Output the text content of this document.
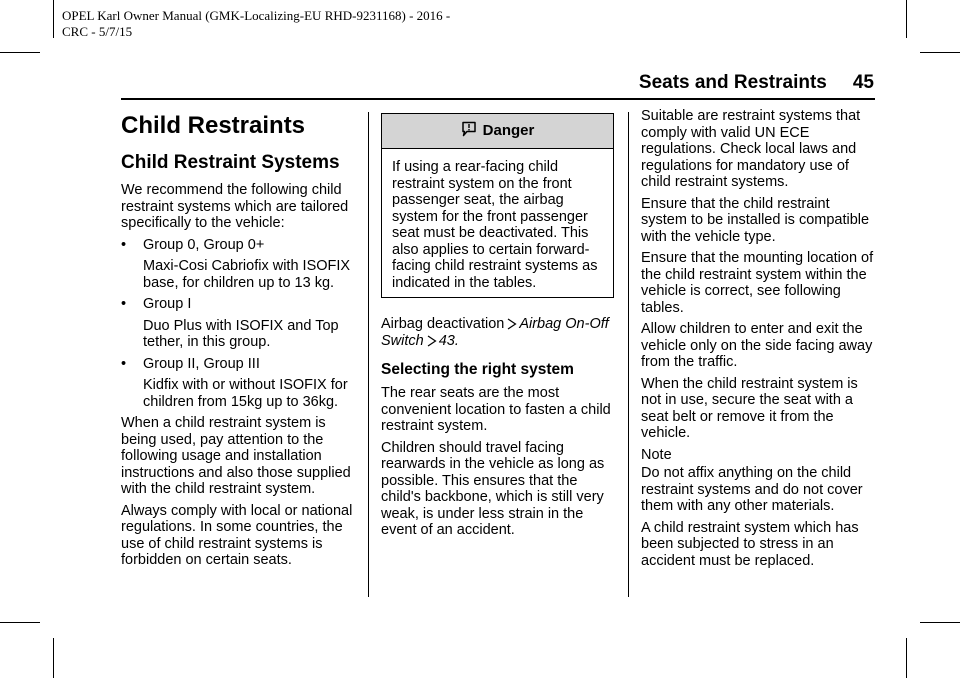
OPEL Karl Owner Manual (GMK-Localizing-EU RHD-9231168) - 2016 -
CRC - 5/7/15
Seats and Restraints 45
Child Restraints
Child Restraint Systems

We recommend the following child restraint systems which are tailored specifically to the vehicle:

• Group 0, Group 0+

Maxi-Cosi Cabriofix with ISOFIX base, for children up to 13 kg.

• Group I

Duo Plus with ISOFIX and Top tether, in this group.

• Group II, Group III

Kidfix with or without ISOFIX for children from 15kg up to 36kg.

When a child restraint system is being used, pay attention to the following usage and installation instructions and also those supplied with the child restraint system.

Always comply with local or national regulations. In some countries, the use of child restraint systems is forbidden on certain seats.

Danger
If using a rear-facing child restraint system on the front passenger seat, the airbag system for the front passenger seat must be deactivated. This also applies to certain forward-facing child restraint systems as indicated in the tables.

Airbag deactivation Airbag On-Off Switch 43.

Selecting the right system

The rear seats are the most convenient location to fasten a child restraint system.

Children should travel facing rearwards in the vehicle as long as possible. This ensures that the child's backbone, which is still very weak, is under less strain in the event of an accident.

Suitable are restraint systems that comply with valid UN ECE regulations. Check local laws and regulations for mandatory use of child restraint systems.

Ensure that the child restraint system to be installed is compatible with the vehicle type.

Ensure that the mounting location of the child restraint system within the vehicle is correct, see following tables.

Allow children to enter and exit the vehicle only on the side facing away from the traffic.

When the child restraint system is not in use, secure the seat with a seat belt or remove it from the vehicle.

Note

Do not affix anything on the child restraint systems and do not cover them with any other materials.

A child restraint system which has been subjected to stress in an accident must be replaced.
